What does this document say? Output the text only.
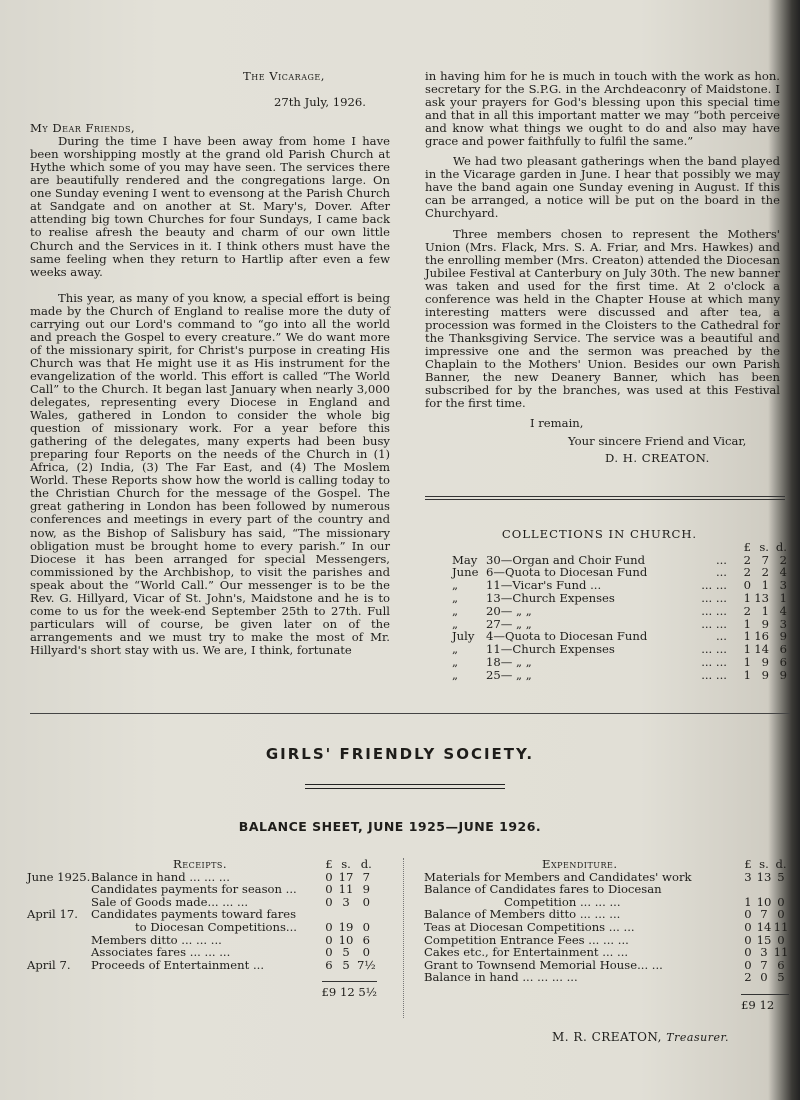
The Vicarage,
27th July, 1926.
My Dear Friends,

During the time I have been away from home I have been worshipping mostly at the grand old Parish Church at Hythe which some of you may have seen. The services there are beautifully rendered and the congregations large. On one Sunday evening I went to evensong at the Parish Church at Sandgate and on another at St. Mary's, Dover. After attending big town Churches for four Sundays, I came back to realise afresh the beauty and charm of our own little Church and the Services in it. I think others must have the same feeling when they return to Hartlip after even a few weeks away.

This year, as many of you know, a special effort is being made by the Church of England to realise more the duty of carrying out our Lord's command to “go into all the world and preach the Gospel to every creature.” We do want more of the missionary spirit, for Christ's purpose in creating His Church was that He might use it as His instrument for the evangelization of the world. This effort is called “The World Call” to the Church. It began last January when nearly 3,000 delegates, representing every Diocese in England and Wales, gathered in London to consider the whole big question of missionary work. For a year before this gathering of the delegates, many experts had been busy preparing four Reports on the needs of the Church in (1) Africa, (2) India, (3) The Far East, and (4) The Moslem World. These Reports show how the world is calling today to the Christian Church for the message of the Gospel. The great gathering in London has been followed by numerous conferences and meetings in every part of the country and now, as the Bishop of Salisbury has said, “The missionary obligation must be brought home to every parish.” In our Diocese it has been arranged for special Messengers, commissioned by the Archbishop, to visit the parishes and speak about the “World Call.” Our messenger is to be the Rev. G. Hillyard, Vicar of St. John's, Maidstone and he is to come to us for the week-end September 25th to 27th. Full particulars will of course, be given later on of the arrangements and we must try to make the most of Mr. Hillyard's short stay with us. We are, I think, fortunate

in having him for he is much in touch with the work as hon. secretary for the S.P.G. in the Archdeaconry of Maidstone. I ask your prayers for God's blessing upon this special time and that in all this important matter we may “both perceive and know what things we ought to do and also may have grace and power faithfully to fulfil the same.”

We had two pleasant gatherings when the band played in the Vicarage garden in June. I hear that possibly we may have the band again one Sunday evening in August. If this can be arranged, a notice will be put on the board in the Churchyard.

Three members chosen to represent the Mothers' Union (Mrs. Flack, Mrs. S. A. Friar, and Mrs. Hawkes) and the enrolling member (Mrs. Creaton) attended the Diocesan Jubilee Festival at Canterbury on July 30th. The new banner was taken and used for the first time. At 2 o'clock a conference was held in the Chapter House at which many interesting matters were discussed and after tea, a procession was formed in the Cloisters to the Cathedral for the Thanksgiving Service. The service was a beautiful and impressive one and the sermon was preached by the Chaplain to the Mothers' Union. Besides our own Parish Banner, the new Deanery Banner, which has been subscribed for by the branches, was used at this Festival for the first time.

I remain,
Your sincere Friend and Vicar,
D. H. CREATON.
COLLECTIONS IN CHURCH.
			£	s.	d.
May	30—Organ and Choir Fund	...	2	7	2
June	6—Quota to Diocesan Fund	...	2	2	4
„	11—Vicar's Fund ...	... ...	0	1	3
„	13—Church Expenses	... ...	1	13	1
„	20— „ „	... ...	2	1	4
„	27— „ „	... ...	1	9	3
July	4—Quota to Diocesan Fund	...	1	16	9
„	11—Church Expenses	... ...	1	14	6
„	18— „ „	... ...	1	9	6
„	25— „ „	... ...	1	9	9
GIRLS' FRIENDLY SOCIETY.
BALANCE SHEET, JUNE 1925—JUNE 1926.
Receipts.		£	s.	d.
June 1925.	Balance in hand ... ... ...	0	17	7
	Candidates payments for season ...	0	11	9
	Sale of Goods made... ... ...	0	3	0
April 17.	Candidates payments toward fares			
	to Diocesan Competitions...	0	19	0
	Members ditto ... ... ...	0	10	6
	Associates fares ... ... ...	0	5	0
April 7.	Proceeds of Entertainment ...	6	5	7½

		£9 12 5½		
Expenditure.	£	s.	d.
Materials for Members and Candidates' work	3	13	5
Balance of Candidates fares to Diocesan			
Competition ... ... ...	1	10	0
Balance of Members ditto ... ... ...	0	7	0
Teas at Diocesan Competitions ... ...	0	14	11
Competition Entrance Fees ... ... ...	0	15	0
Cakes etc., for Entertainment ... ...	0	3	11
Grant to Townsend Memorial House... ...	0	7	6
Balance in hand ... ... ... ...	2	0	5

	£9 12		
M. R. CREATON, Treasurer.
